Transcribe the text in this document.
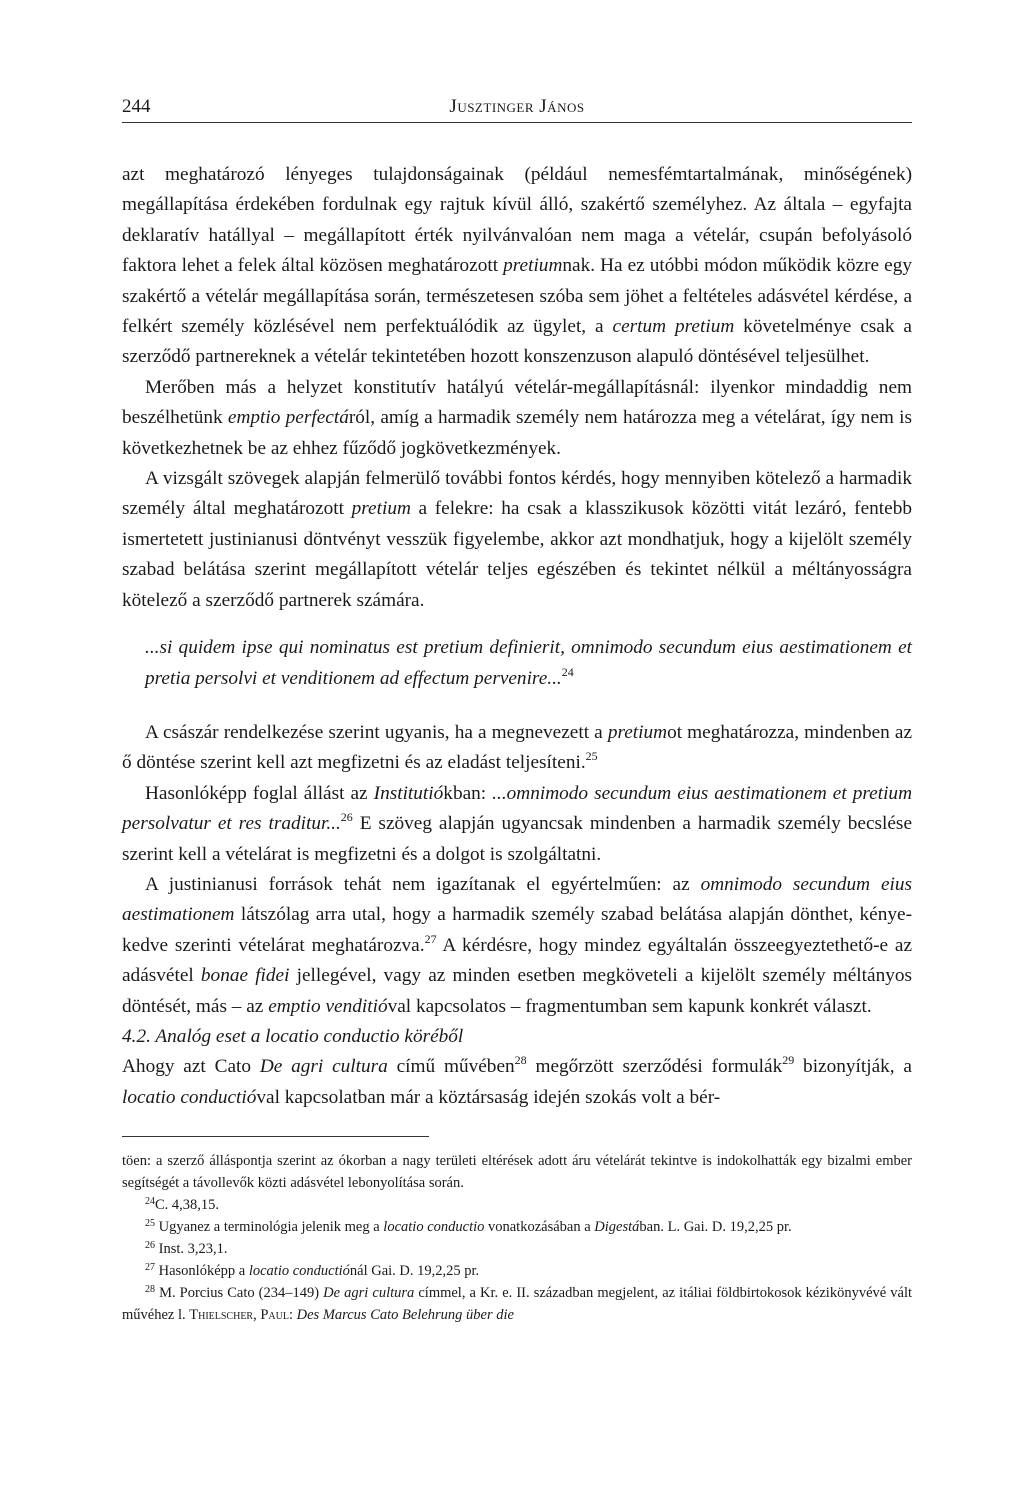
244	Jusztinger János

azt meghatározó lényeges tulajdonságainak (például nemesfémtartalmának, minőségének) megállapítása érdekében fordulnak egy rajtuk kívül álló, szakértő személyhez. Az általa – egyfajta deklaratív hatállyal – megállapított érték nyilvánvalóan nem maga a vételár, csupán befolyásoló faktora lehet a felek által közösen meghatározott pretiumnak. Ha ez utóbbi módon működik közre egy szakértő a vételár megállapítása során, természetesen szóba sem jöhet a feltételes adásvétel kérdése, a felkért személy közlésével nem perfektuálódik az ügylet, a certum pretium követelménye csak a szerződő partnereknek a vételár tekintetében hozott konszenzuson alapuló döntésével teljesülhet.

Merőben más a helyzet konstitutív hatályú vételár-megállapításnál: ilyenkor mindaddig nem beszélhetünk emptio perfectáról, amíg a harmadik személy nem határozza meg a vételárat, így nem is következhetnek be az ehhez fűződő jogkövetkezmények.

A vizsgált szövegek alapján felmerülő további fontos kérdés, hogy mennyiben kötelező a harmadik személy által meghatározott pretium a felekre: ha csak a klasszikusok közötti vitát lezáró, fentebb ismertetett justinianusi döntvényt vesszük figyelembe, akkor azt mondhatjuk, hogy a kijelölt személy szabad belátása szerint megállapított vételár teljes egészében és tekintet nélkül a méltányosságra kötelező a szerződő partnerek számára.

...si quidem ipse qui nominatus est pretium definierit, omnimodo secundum eius aestimationem et pretia persolvi et venditionem ad effectum pervenire...$^{24}$

A császár rendelkezése szerint ugyanis, ha a megnevezett a pretiumot meghatározza, mindenben az ő döntése szerint kell azt megfizetni és az eladást teljesíteni.$^{25}$

Hasonlóképp foglal állást az Institutiókban: ...omnimodo secundum eius aestimationem et pretium persolvatur et res traditur...$^{26}$ E szöveg alapján ugyancsak mindenben a harmadik személy becslése szerint kell a vételárat is megfizetni és a dolgot is szolgáltatni.

A justinianusi források tehát nem igazítanak el egyértelműen: az omnimodo secundum eius aestimationem látszólag arra utal, hogy a harmadik személy szabad belátása alapján dönthet, kénye-kedve szerinti vételárat meghatározva.$^{27}$ A kérdésre, hogy mindez egyáltalán összeegyeztethető-e az adásvétel bonae fidei jellegével, vagy az minden esetben megköveteli a kijelölt személy méltányos döntését, más – az emptio venditióval kapcsolatos – fragmentumban sem kapunk konkrét választ.

4.2. Analóg eset a locatio conductio köréből

Ahogy azt Cato De agri cultura című művében$^{28}$ megőrzött szerződési formulák$^{29}$ bizonyítják, a locatio conductióval kapcsolatban már a köztársaság idején szokás volt a bér-

töen: a szerző álláspontja szerint az ókorban a nagy területi eltérések adott áru vételárát tekintve is indokolhatták egy bizalmi ember segítségét a távollevők közti adásvétel lebonyolítása során.

$^{24}$C. 4,38,15.

$^{25}$ Ugyanez a terminológia jelenik meg a locatio conductio vonatkozásában a Digestában. L. Gai. D. 19,2,25 pr.

$^{26}$ Inst. 3,23,1.

$^{27}$ Hasonlóképp a locatio conductiónál Gai. D. 19,2,25 pr.

$^{28}$ M. Porcius Cato (234–149) De agri cultura címmel, a Kr. e. II. században megjelent, az itáliai földbirtokosok kézikönyvévé vált művéhez l. Thielscher, Paul: Des Marcus Cato Belehrung über die
